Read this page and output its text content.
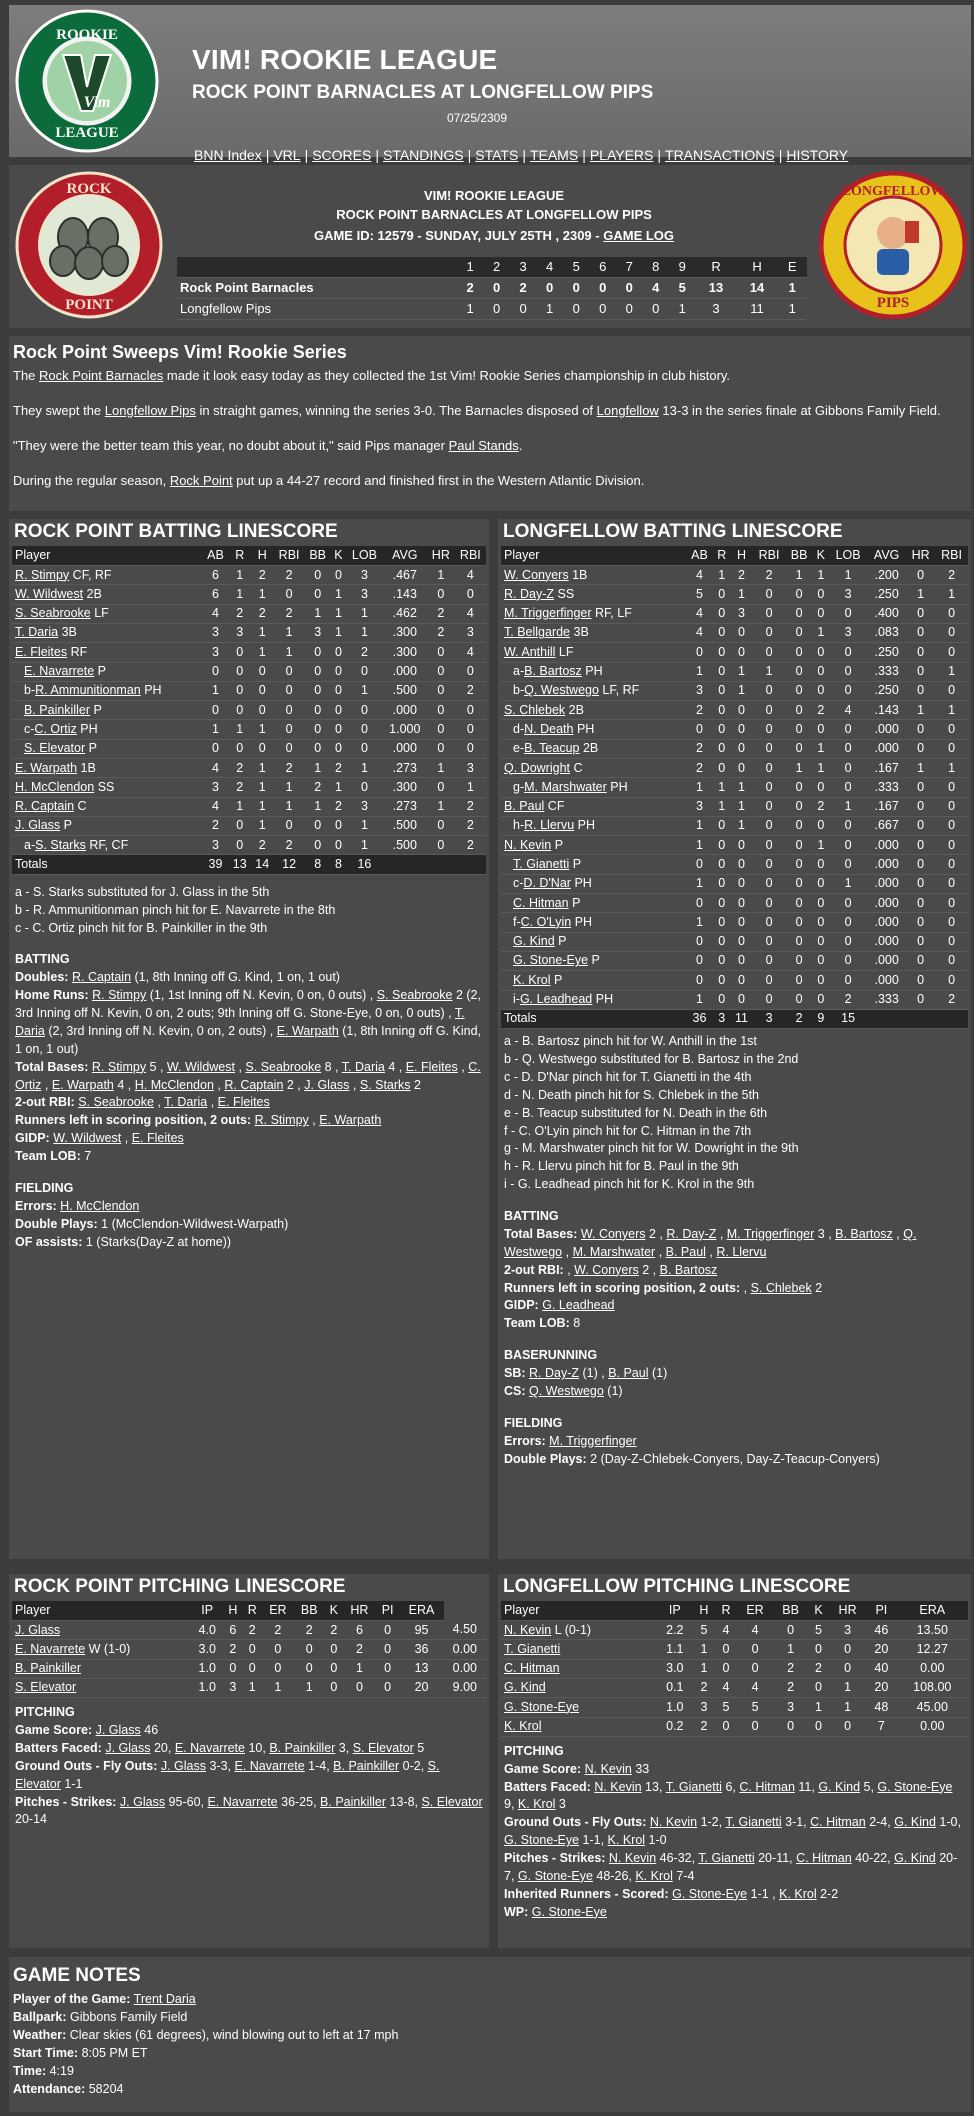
ROOKIE
LEAGUE
Vim
VIM! ROOKIE LEAGUE
ROCK POINT BARNACLES AT LONGFELLOW PIPS
07/25/2309
BNN Index | VRL | SCORES | STANDINGS | STATS | TEAMS | PLAYERS | TRANSACTIONS | HISTORY
ROCK
POINT
VIM! ROOKIE LEAGUE
ROCK POINT BARNACLES AT LONGFELLOW PIPS
GAME ID: 12579 - SUNDAY, JULY 25TH , 2309 - GAME LOG
	1	2	3	4	5	6	7	8	9	R	H	E
Rock Point Barnacles	2	0	2	0	0	0	0	4	5	13	14	1
Longfellow Pips	1	0	0	1	0	0	0	0	1	3	11	1
LONGFELLOW
PIPS
Rock Point Sweeps Vim! Rookie Series

The Rock Point Barnacles made it look easy today as they collected the 1st Vim! Rookie Series championship in club history.

They swept the Longfellow Pips in straight games, winning the series 3-0. The Barnacles disposed of Longfellow 13-3 in the series finale at Gibbons Family Field.

"They were the better team this year, no doubt about it," said Pips manager Paul Stands.

During the regular season, Rock Point put up a 44-27 record and finished first in the Western Atlantic Division.

ROCK POINT BATTING LINESCORE
Player	AB	R	H	RBI	BB	K	LOB	AVG	HR	RBI
R. Stimpy CF, RF	6	1	2	2	0	0	3	.467	1	4
W. Wildwest 2B	6	1	1	0	0	1	3	.143	0	0
S. Seabrooke LF	4	2	2	2	1	1	1	.462	2	4
T. Daria 3B	3	3	1	1	3	1	1	.300	2	3
E. Fleites RF	3	0	1	1	0	0	2	.300	0	4
E. Navarrete P	0	0	0	0	0	0	0	.000	0	0
b-R. Ammunitionman PH	1	0	0	0	0	0	1	.500	0	2
B. Painkiller P	0	0	0	0	0	0	0	.000	0	0
c-C. Ortiz PH	1	1	1	0	0	0	0	1.000	0	0
S. Elevator P	0	0	0	0	0	0	0	.000	0	0
E. Warpath 1B	4	2	1	2	1	2	1	.273	1	3
H. McClendon SS	3	2	1	1	2	1	0	.300	0	1
R. Captain C	4	1	1	1	1	2	3	.273	1	2
J. Glass P	2	0	1	0	0	0	1	.500	0	2
a-S. Starks RF, CF	3	0	2	2	0	0	1	.500	0	2
Totals	39	13	14	12	8	8	16			
a - S. Starks substituted for J. Glass in the 5th
b - R. Ammunitionman pinch hit for E. Navarrete in the 8th
c - C. Ortiz pinch hit for B. Painkiller in the 9th
BATTING
Doubles: R. Captain (1, 8th Inning off G. Kind, 1 on, 1 out)
Home Runs: R. Stimpy (1, 1st Inning off N. Kevin, 0 on, 0 outs) , S. Seabrooke 2 (2, 3rd Inning off N. Kevin, 0 on, 2 outs; 9th Inning off G. Stone-Eye, 0 on, 0 outs) , T. Daria (2, 3rd Inning off N. Kevin, 0 on, 2 outs) , E. Warpath (1, 8th Inning off G. Kind, 1 on, 1 out)
Total Bases: R. Stimpy 5 , W. Wildwest , S. Seabrooke 8 , T. Daria 4 , E. Fleites , C. Ortiz , E. Warpath 4 , H. McClendon , R. Captain 2 , J. Glass , S. Starks 2
2-out RBI: S. Seabrooke , T. Daria , E. Fleites
Runners left in scoring position, 2 outs: R. Stimpy , E. Warpath
GIDP: W. Wildwest , E. Fleites
Team LOB: 7
FIELDING
Errors: H. McClendon
Double Plays: 1 (McClendon-Wildwest-Warpath)
OF assists: 1 (Starks(Day-Z at home))
LONGFELLOW BATTING LINESCORE
Player	AB	R	H	RBI	BB	K	LOB	AVG	HR	RBI
W. Conyers 1B	4	1	2	2	1	1	1	.200	0	2
R. Day-Z SS	5	0	1	0	0	0	3	.250	1	1
M. Triggerfinger RF, LF	4	0	3	0	0	0	0	.400	0	0
T. Bellgarde 3B	4	0	0	0	0	1	3	.083	0	0
W. Anthill LF	0	0	0	0	0	0	0	.250	0	0
a-B. Bartosz PH	1	0	1	1	0	0	0	.333	0	1
b-Q. Westwego LF, RF	3	0	1	0	0	0	0	.250	0	0
S. Chlebek 2B	2	0	0	0	0	2	4	.143	1	1
d-N. Death PH	0	0	0	0	0	0	0	.000	0	0
e-B. Teacup 2B	2	0	0	0	0	1	0	.000	0	0
Q. Dowright C	2	0	0	0	1	1	0	.167	1	1
g-M. Marshwater PH	1	1	1	0	0	0	0	.333	0	0
B. Paul CF	3	1	1	0	0	2	1	.167	0	0
h-R. Llervu PH	1	0	1	0	0	0	0	.667	0	0
N. Kevin P	1	0	0	0	0	1	0	.000	0	0
T. Gianetti P	0	0	0	0	0	0	0	.000	0	0
c-D. D'Nar PH	1	0	0	0	0	0	1	.000	0	0
C. Hitman P	0	0	0	0	0	0	0	.000	0	0
f-C. O'Lyin PH	1	0	0	0	0	0	0	.000	0	0
G. Kind P	0	0	0	0	0	0	0	.000	0	0
G. Stone-Eye P	0	0	0	0	0	0	0	.000	0	0
K. Krol P	0	0	0	0	0	0	0	.000	0	0
i-G. Leadhead PH	1	0	0	0	0	0	2	.333	0	2
Totals	36	3	11	3	2	9	15			
a - B. Bartosz pinch hit for W. Anthill in the 1st
b - Q. Westwego substituted for B. Bartosz in the 2nd
c - D. D'Nar pinch hit for T. Gianetti in the 4th
d - N. Death pinch hit for S. Chlebek in the 5th
e - B. Teacup substituted for N. Death in the 6th
f - C. O'Lyin pinch hit for C. Hitman in the 7th
g - M. Marshwater pinch hit for W. Dowright in the 9th
h - R. Llervu pinch hit for B. Paul in the 9th
i - G. Leadhead pinch hit for K. Krol in the 9th
BATTING
Total Bases: W. Conyers 2 , R. Day-Z , M. Triggerfinger 3 , B. Bartosz , Q. Westwego , M. Marshwater , B. Paul , R. Llervu
2-out RBI: , W. Conyers 2 , B. Bartosz
Runners left in scoring position, 2 outs: , S. Chlebek 2
GIDP: G. Leadhead
Team LOB: 8
BASERUNNING
SB: R. Day-Z (1) , B. Paul (1)
CS: Q. Westwego (1)
FIELDING
Errors: M. Triggerfinger
Double Plays: 2 (Day-Z-Chlebek-Conyers, Day-Z-Teacup-Conyers)
ROCK POINT PITCHING LINESCORE
Player	IP	H	R	ER	BB	K	HR	PI	ERA	
J. Glass	4.0	6	2	2	2	2	6	0	95	4.50
E. Navarrete W (1-0)	3.0	2	0	0	0	0	2	0	36	0.00
B. Painkiller	1.0	0	0	0	0	0	1	0	13	0.00
S. Elevator	1.0	3	1	1	1	0	0	0	20	9.00
PITCHING
Game Score: J. Glass 46
Batters Faced: J. Glass 20, E. Navarrete 10, B. Painkiller 3, S. Elevator 5
Ground Outs - Fly Outs: J. Glass 3-3, E. Navarrete 1-4, B. Painkiller 0-2, S. Elevator 1-1
Pitches - Strikes: J. Glass 95-60, E. Navarrete 36-25, B. Painkiller 13-8, S. Elevator 20-14
LONGFELLOW PITCHING LINESCORE
Player	IP	H	R	ER	BB	K	HR	PI	ERA
N. Kevin L (0-1)	2.2	5	4	4	0	5	3	46	13.50
T. Gianetti	1.1	1	0	0	1	0	0	20	12.27
C. Hitman	3.0	1	0	0	2	2	0	40	0.00
G. Kind	0.1	2	4	4	2	0	1	20	108.00
G. Stone-Eye	1.0	3	5	5	3	1	1	48	45.00
K. Krol	0.2	2	0	0	0	0	0	7	0.00
PITCHING
Game Score: N. Kevin 33
Batters Faced: N. Kevin 13, T. Gianetti 6, C. Hitman 11, G. Kind 5, G. Stone-Eye 9, K. Krol 3
Ground Outs - Fly Outs: N. Kevin 1-2, T. Gianetti 3-1, C. Hitman 2-4, G. Kind 1-0, G. Stone-Eye 1-1, K. Krol 1-0
Pitches - Strikes: N. Kevin 46-32, T. Gianetti 20-11, C. Hitman 40-22, G. Kind 20-7, G. Stone-Eye 48-26, K. Krol 7-4
Inherited Runners - Scored: G. Stone-Eye 1-1 , K. Krol 2-2
WP: G. Stone-Eye
GAME NOTES
Player of the Game: Trent Daria
Ballpark: Gibbons Family Field
Weather: Clear skies (61 degrees), wind blowing out to left at 17 mph
Start Time: 8:05 PM ET
Time: 4:19
Attendance: 58204
